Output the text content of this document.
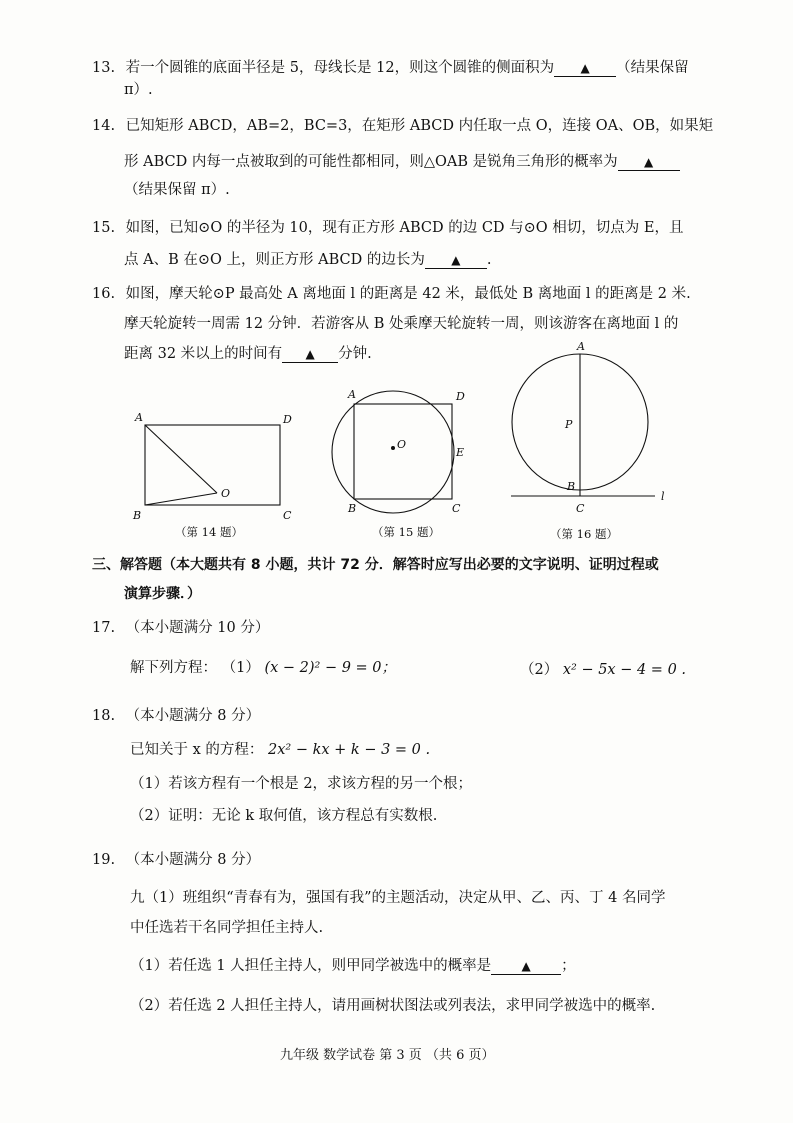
13. 若一个圆锥的底面半径是 5，母线长是 12，则这个圆锥的侧面积为 ▲ （结果保留
π）.
14. 已知矩形 ABCD，AB=2，BC=3，在矩形 ABCD 内任取一点 O，连接 OA、OB，如果矩
形 ABCD 内每一点被取到的可能性都相同，则△OAB 是锐角三角形的概率为 ▲
（结果保留 π）.
15. 如图，已知⊙O 的半径为 10，现有正方形 ABCD 的边 CD 与⊙O 相切，切点为 E，且
点 A、B 在⊙O 上，则正方形 ABCD 的边长为 ▲ .
16. 如图，摩天轮⊙P 最高处 A 离地面 l 的距离是 42 米，最低处 B 离地面 l 的距离是 2 米.
摩天轮旋转一周需 12 分钟．若游客从 B 处乘摩天轮旋转一周，则该游客在离地面 l 的
距离 32 米以上的时间有 ▲ 分钟.
A	D
B	C
O
（第 14 题）
A	D
B	C
O
E
（第 15 题）
A
P
B
C
l
（第 16 题）
三、解答题（本大题共有 8 小题，共计 72 分．解答时应写出必要的文字说明、证明过程或
演算步骤．）
17. （本小题满分 10 分）
解下列方程： （1） (x − 2)² − 9 = 0；	（2） x² − 5x − 4 = 0 .
18. （本小题满分 8 分）
已知关于 x 的方程： 2x² − kx + k − 3 = 0 .
（1）若该方程有一个根是 2，求该方程的另一个根；
（2）证明：无论 k 取何值，该方程总有实数根.
19. （本小题满分 8 分）
九（1）班组织“青春有为，强国有我”的主题活动，决定从甲、乙、丙、丁 4 名同学
中任选若干名同学担任主持人.
（1）若任选 1 人担任主持人，则甲同学被选中的概率是	▲ ；
（2）若任选 2 人担任主持人，请用画树状图法或列表法，求甲同学被选中的概率.
九年级 数学试卷 第 3 页 （共 6 页）
